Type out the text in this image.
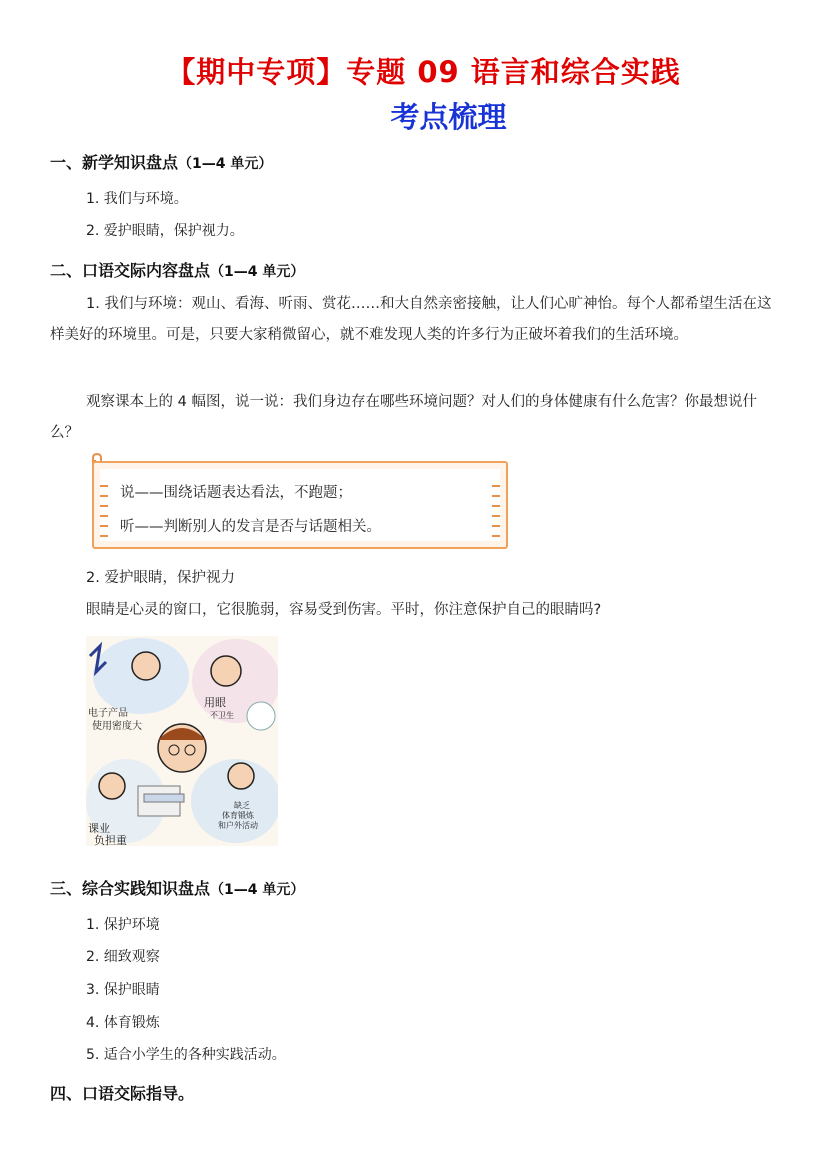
【期中专项】专题 09 语言和综合实践
考点梳理
一、新学知识盘点（1—4 单元）
1. 我们与环境。
2. 爱护眼睛，保护视力。
二、口语交际内容盘点（1—4 单元）
1. 我们与环境：观山、看海、听雨、赏花……和大自然亲密接触，让人们心旷神怡。每个人都希望生活在这样美好的环境里。可是，只要大家稍微留心，就不难发现人类的许多行为正破坏着我们的生活环境。
观察课本上的 4 幅图，说一说：我们身边存在哪些环境问题？对人们的身体健康有什么危害？你最想说什么？
说——围绕话题表达看法，不跑题；
听——判断别人的发言是否与话题相关。
2. 爱护眼睛，保护视力
眼睛是心灵的窗口，它很脆弱，容易受到伤害。平时，你注意保护自己的眼睛吗?
电子产品
使用密度大
用眼
不卫生
课业
负担重
缺乏
体育锻炼
和户外活动
三、综合实践知识盘点（1—4 单元）
1. 保护环境
2. 细致观察
3. 保护眼睛
4. 体育锻炼
5. 适合小学生的各种实践活动。
四、口语交际指导。
